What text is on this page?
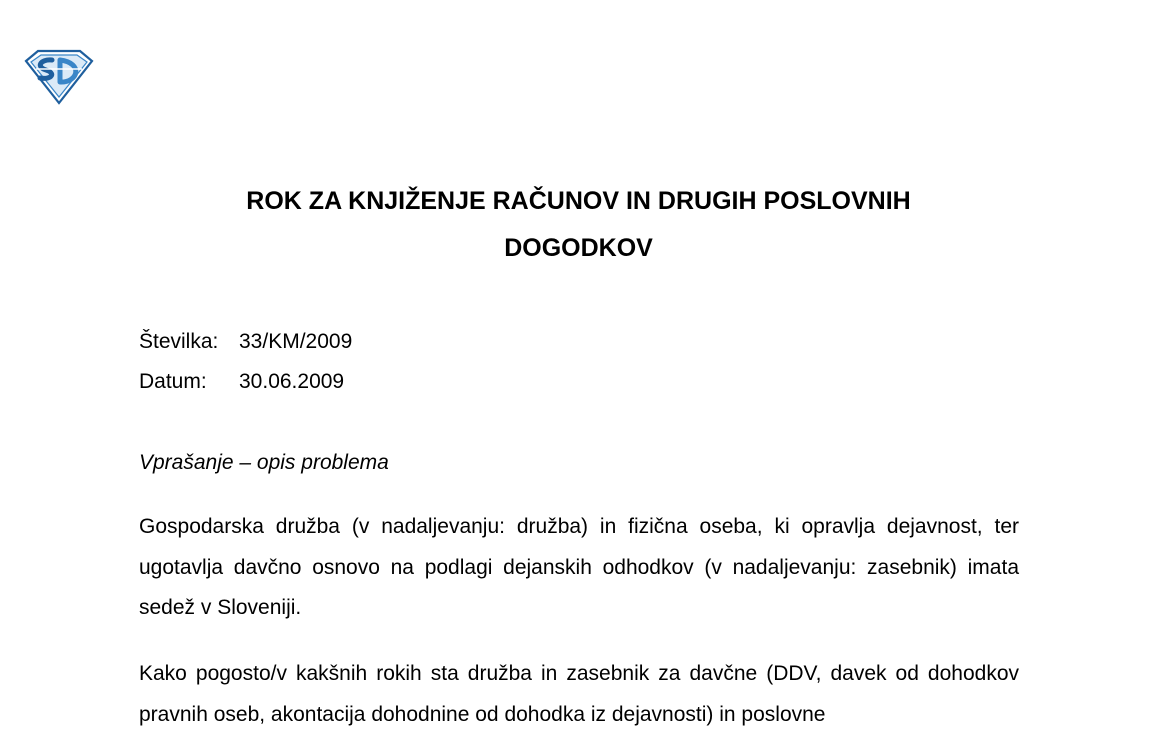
ROK ZA KNJIŽENJE RAČUNOV IN DRUGIH POSLOVNIH
DOGODKOV
Številka: 33/KM/2009
Datum:	30.06.2009
Vprašanje – opis problema
Gospodarska družba (v nadaljevanju: družba) in fizična oseba, ki opravlja dejavnost, ter ugotavlja davčno osnovo na podlagi dejanskih odhodkov (v nadaljevanju: zasebnik) imata sedež v Sloveniji.
Kako pogosto/v kakšnih rokih sta družba in zasebnik za davčne (DDV, davek od dohodkov pravnih oseb, akontacija dohodnine od dohodka iz dejavnosti) in poslovne
